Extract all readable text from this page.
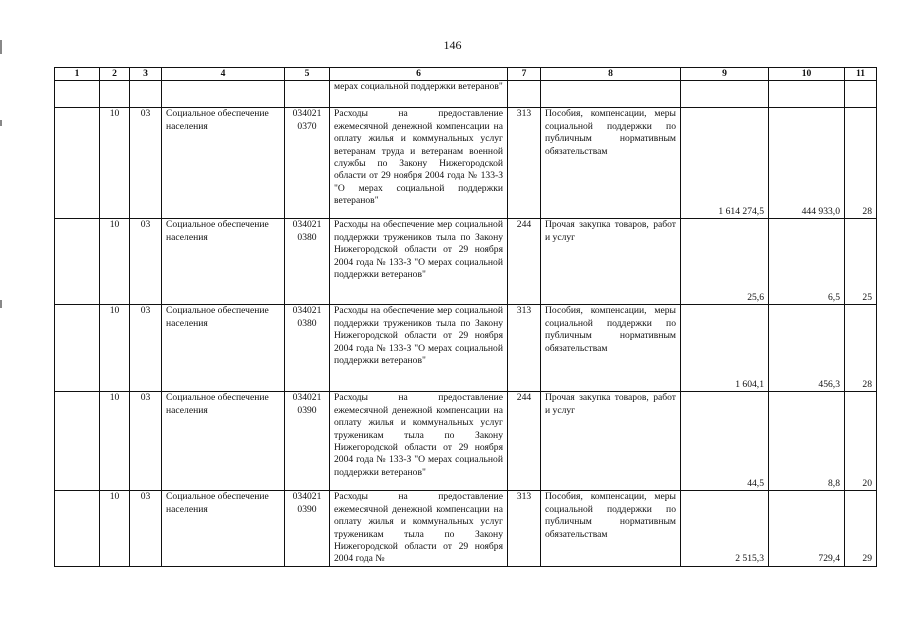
146
1	2	3	4	5	6	7	8	9	10	11
					мерах социальной поддержки ветеранов"					
	10	03	Социальное обеспечение населения	034021 0370	Расходы на предоставление ежемесячной денежной компенсации на оплату жилья и коммунальных услуг ветеранам труда и ветеранам военной службы по Закону Нижегородской области от 29 ноября 2004 года № 133-З "О мерах социальной поддержки ветеранов"	313	Пособия, компенсации, меры социальной поддержки по публичным нормативным обязательствам	1 614 274,5	444 933,0	28
	10	03	Социальное обеспечение населения	034021 0380	Расходы на обеспечение мер социальной поддержки тружеников тыла по Закону Нижегородской области от 29 ноября 2004 года № 133-З "О мерах социальной поддержки ветеранов"	244	Прочая закупка товаров, работ и услуг	25,6	6,5	25
	10	03	Социальное обеспечение населения	034021 0380	Расходы на обеспечение мер социальной поддержки тружеников тыла по Закону Нижегородской области от 29 ноября 2004 года № 133-З "О мерах социальной поддержки ветеранов"	313	Пособия, компенсации, меры социальной поддержки по публичным нормативным обязательствам	1 604,1	456,3	28
	10	03	Социальное обеспечение населения	034021 0390	Расходы на предоставление ежемесячной денежной компенсации на оплату жилья и коммунальных услуг труженикам тыла по Закону Нижегородской области от 29 ноября 2004 года № 133-З "О мерах социальной поддержки ветеранов"	244	Прочая закупка товаров, работ и услуг	44,5	8,8	20
	10	03	Социальное обеспечение населения	034021 0390	Расходы на предоставление ежемесячной денежной компенсации на оплату жилья и коммунальных услуг труженикам тыла по Закону Нижегородской области от 29 ноября 2004 года №	313	Пособия, компенсации, меры социальной поддержки по публичным нормативным обязательствам	2 515,3	729,4	29
